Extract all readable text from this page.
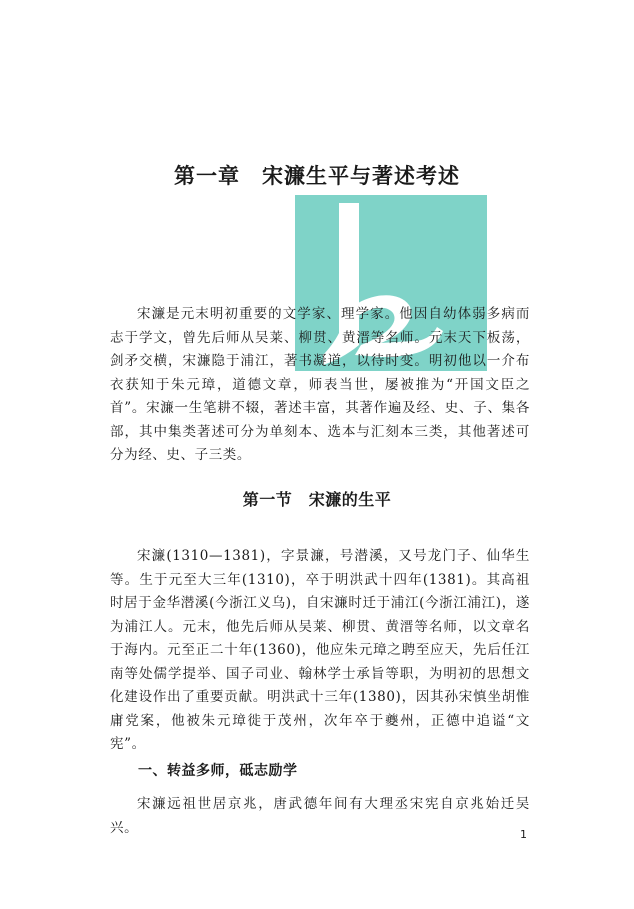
第一章　宋濂生平与著述考述

宋濂是元末明初重要的文学家、理学家。他因自幼体弱多病而志于学文，曾先后师从吴莱、柳贯、黄溍等名师。元末天下板荡，剑矛交横，宋濂隐于浦江，著书凝道，以待时变。明初他以一介布衣获知于朱元璋，道德文章，师表当世，屡被推为“开国文臣之首”。宋濂一生笔耕不辍，著述丰富，其著作遍及经、史、子、集各部，其中集类著述可分为单刻本、选本与汇刻本三类，其他著述可分为经、史、子三类。

第一节　宋濂的生平

宋濂(1310—1381)，字景濂，号潜溪，又号龙门子、仙华生等。生于元至大三年(1310)，卒于明洪武十四年(1381)。其高祖时居于金华潜溪(今浙江义乌)，自宋濂时迁于浦江(今浙江浦江)，遂为浦江人。元末，他先后师从吴莱、柳贯、黄溍等名师，以文章名于海内。元至正二十年(1360)，他应朱元璋之聘至应天，先后任江南等处儒学提举、国子司业、翰林学士承旨等职，为明初的思想文化建设作出了重要贡献。明洪武十三年(1380)，因其孙宋慎坐胡惟庸党案，他被朱元璋徙于茂州，次年卒于夔州，正德中追谥“文宪”。

一、转益多师，砥志励学

宋濂远祖世居京兆，唐武德年间有大理丞宋宪自京兆始迁吴兴。	1
